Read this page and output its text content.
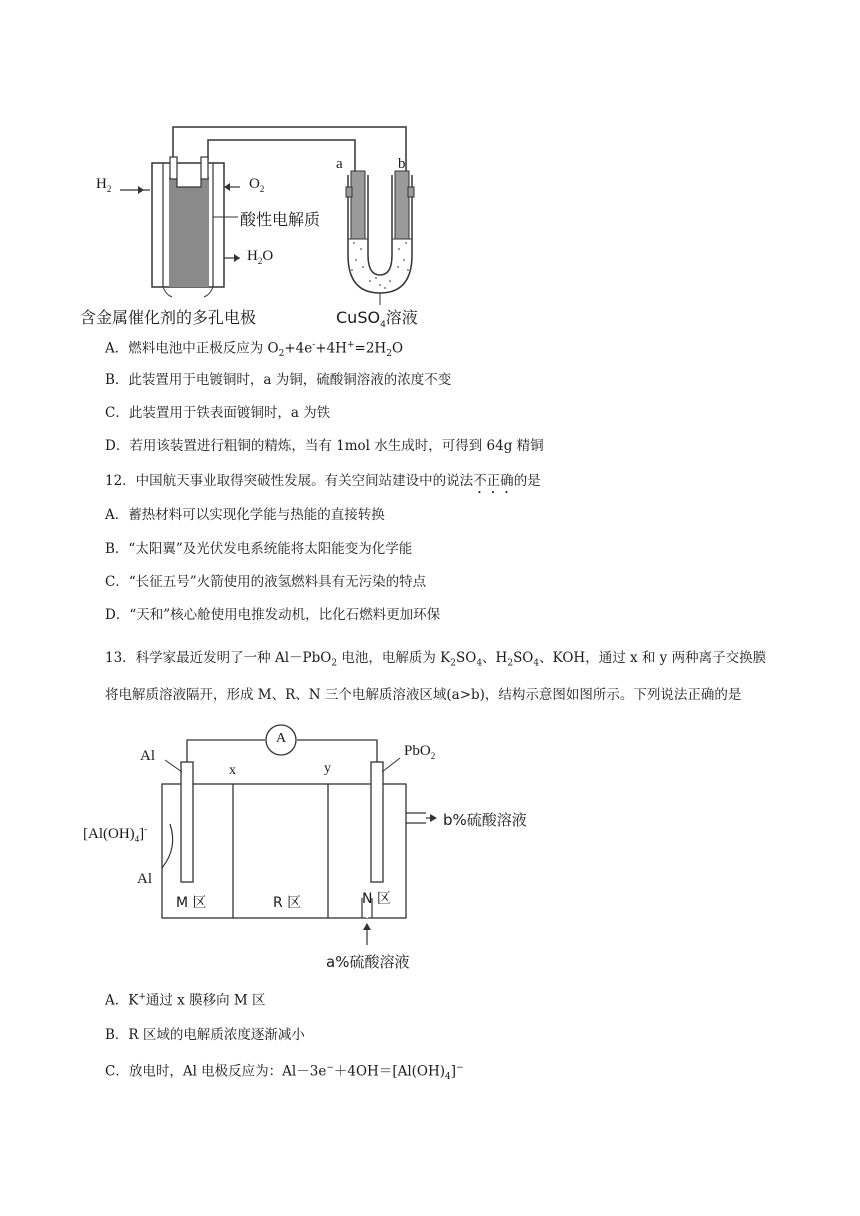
$H_2$	$O_2$
酸性电解质
$H_2O$
含金属催化剂的多孔电极
a	b
CuSO$_4$溶液
A．燃料电池中正极反应为 $O_2+4e^-+4H^+=2H_2O$
B．此装置用于电镀铜时，a 为铜，硫酸铜溶液的浓度不变
C．此装置用于铁表面镀铜时，a 为铁
D．若用该装置进行粗铜的精炼，当有 1mol 水生成时，可得到 64g 精铜
12．中国航天事业取得突破性发展。有关空间站建设中的说法不正确的是
A．蓄热材料可以实现化学能与热能的直接转换
B．“太阳翼”及光伏发电系统能将太阳能变为化学能
C．“长征五号”火箭使用的液氢燃料具有无污染的特点
D．“天和”核心舱使用电推发动机，比化石燃料更加环保
13．科学家最近发明了一种 Al－PbO$_2$ 电池，电解质为 $K_2SO_4$、$H_2SO_4$、KOH，通过 x 和 y 两种离子交换膜
将电解质溶液隔开，形成 M、R、N 三个电解质溶液区域(a>b)，结构示意图如图所示。下列说法正确的是
A
Al
x	y
PbO$_2$
$[Al(OH)_4]^-$
Al
M 区	R 区	N 区
b%硫酸溶液
a%硫酸溶液
A．K+通过 x 膜移向 M 区
B．R 区域的电解质浓度逐渐减小
C．放电时，Al 电极反应为：$Al-3e^-+4OH=[Al(OH)_4]^-$
